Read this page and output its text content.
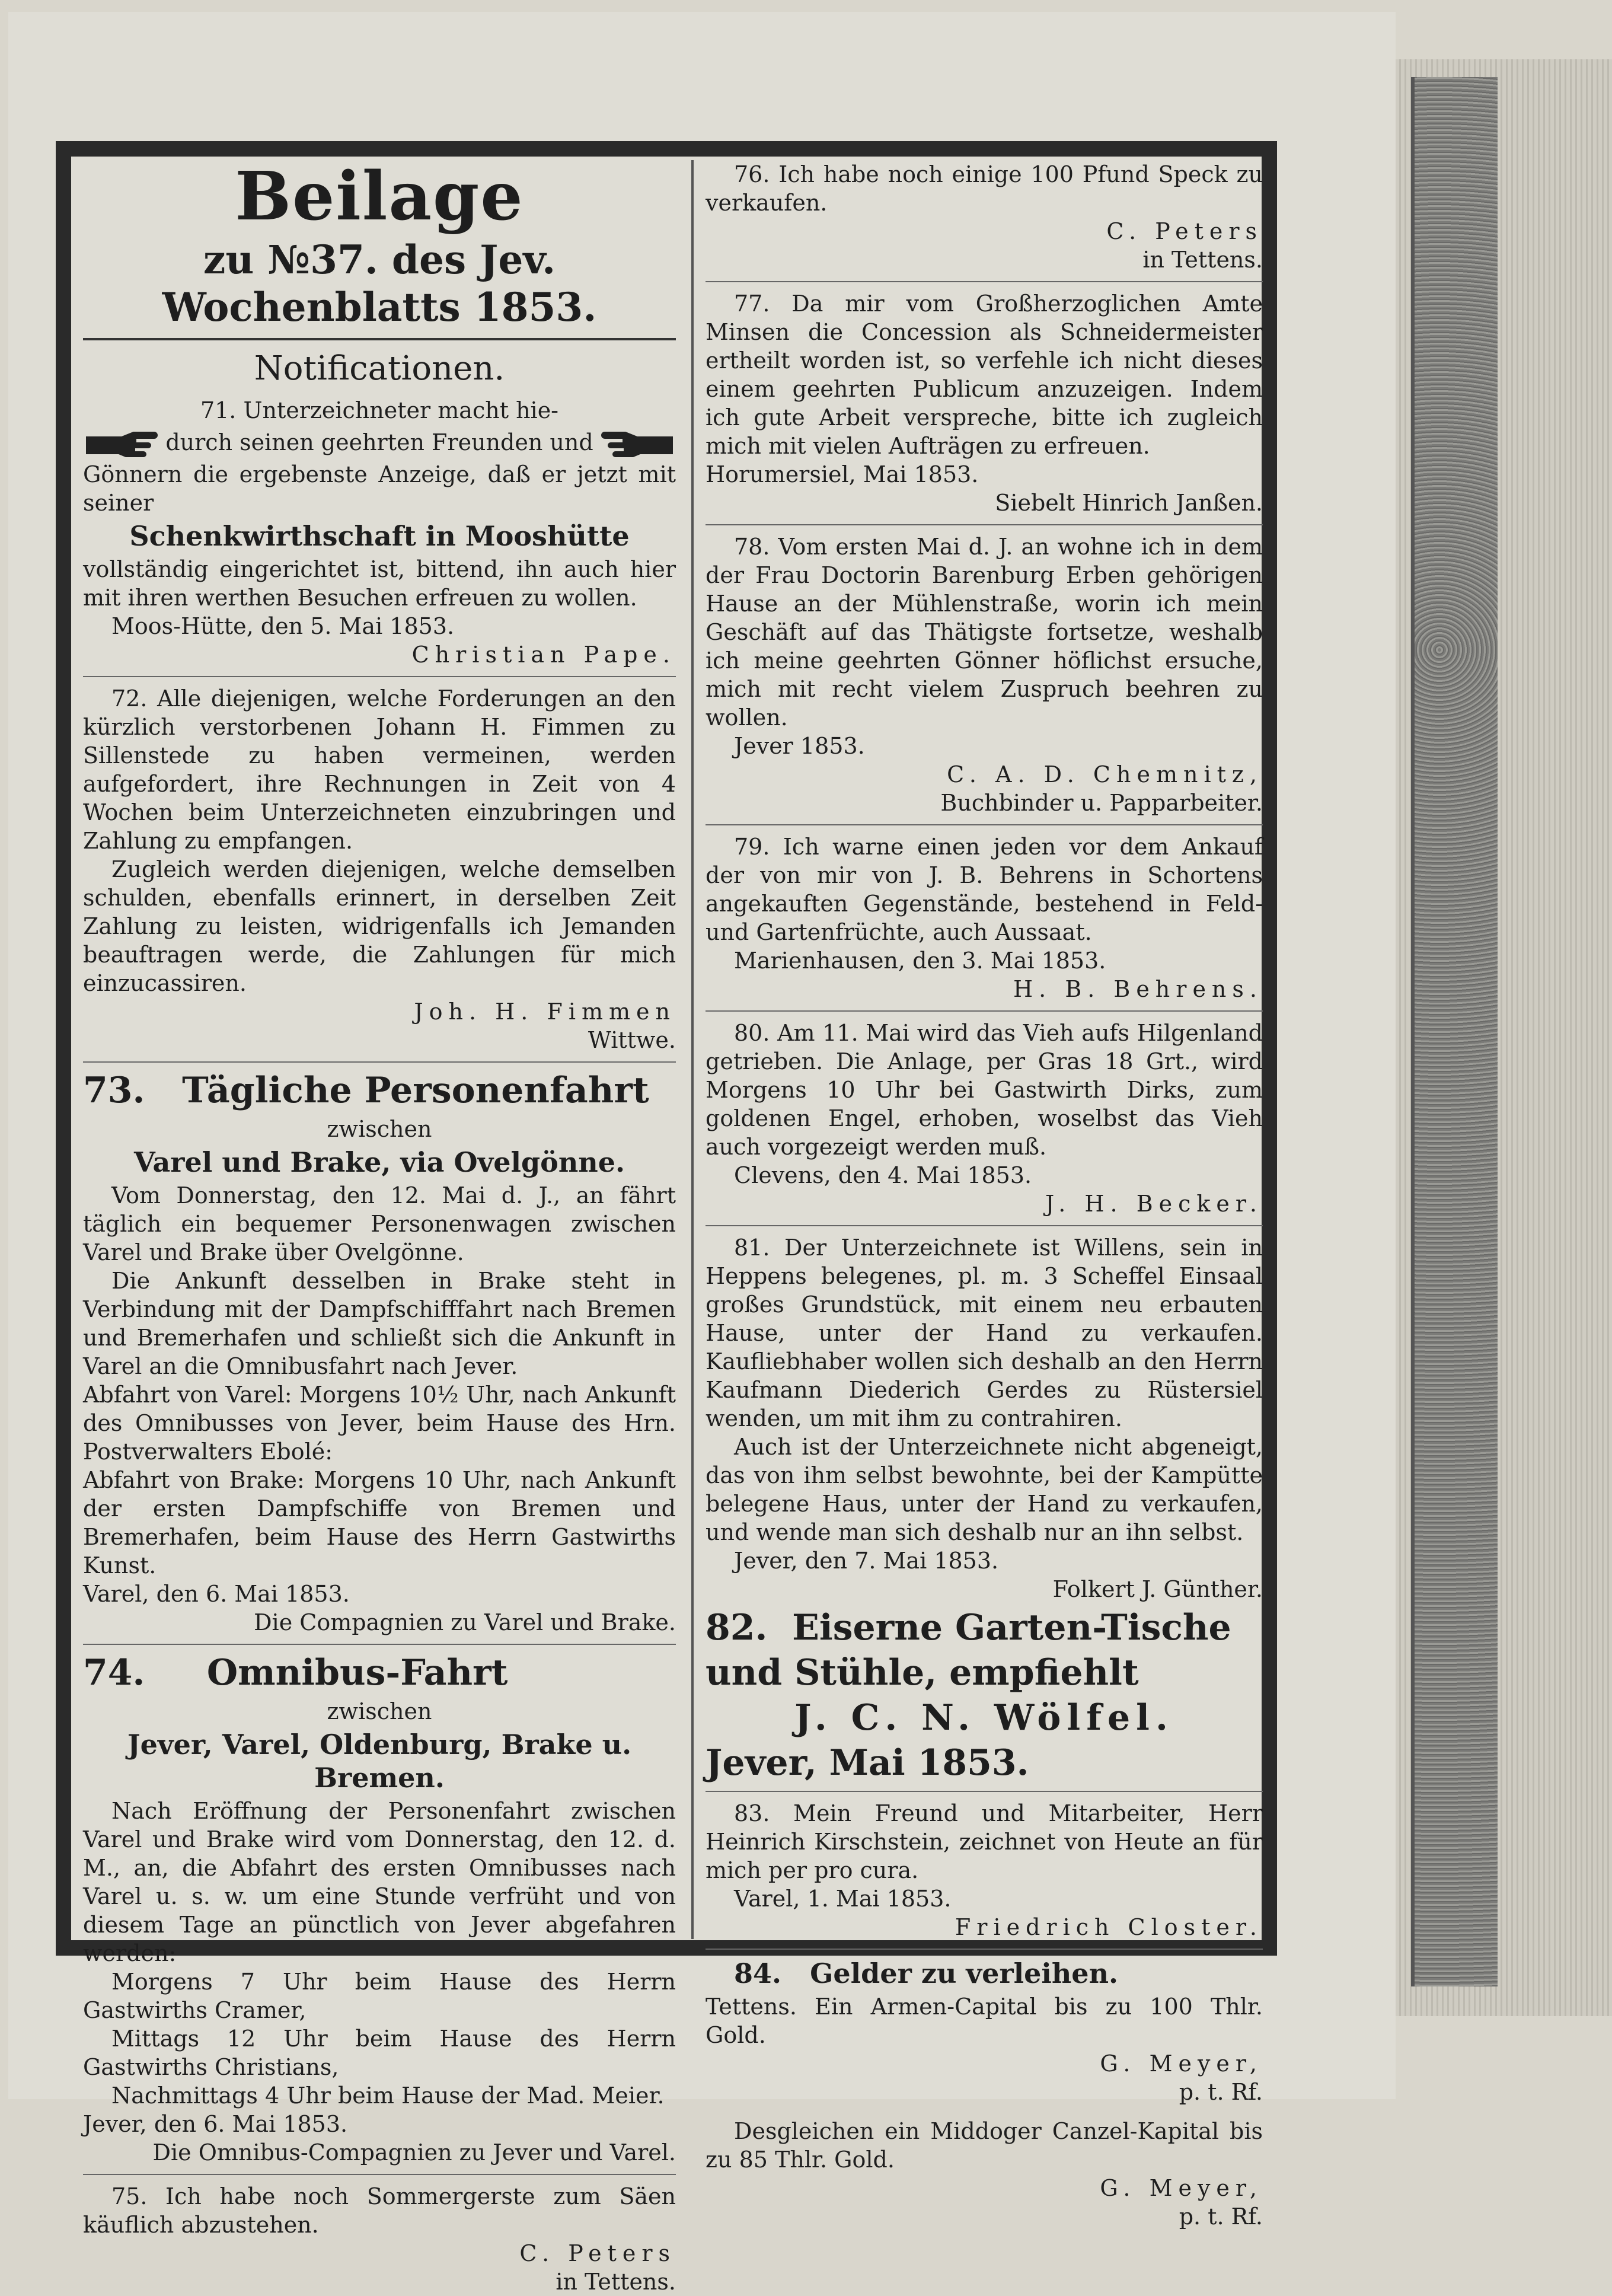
Beilage

zu №37. des Jev. Wochenblatts 1853.

Notificationen.

71. Unterzeichneter macht hie-

durch seinen geehrten Freunden und

Gönnern die ergebenste Anzeige, daß er jetzt mit seiner

Schenkwirthschaft in Mooshütte

vollständig eingerichtet ist, bittend, ihn auch hier mit ihren werthen Besuchen erfreuen zu wollen.

Moos-Hütte, den 5. Mai 1853.

Christian Pape.

72. Alle diejenigen, welche Forderungen an den kürzlich verstorbenen Johann H. Fimmen zu Sillenstede zu haben vermeinen, werden aufgefordert, ihre Rechnungen in Zeit von 4 Wochen beim Unterzeichneten einzubringen und Zahlung zu empfangen.

Zugleich werden diejenigen, welche demselben schulden, ebenfalls erinnert, in derselben Zeit Zahlung zu leisten, widrigenfalls ich Jemanden beauftragen werde, die Zahlungen für mich einzucassiren.

Joh. H. Fimmen

Wittwe.

73. Tägliche Personenfahrt

zwischen

Varel und Brake, via Ovelgönne.

Vom Donnerstag, den 12. Mai d. J., an fährt täglich ein bequemer Personenwagen zwischen Varel und Brake über Ovelgönne.

Die Ankunft desselben in Brake steht in Verbindung mit der Dampfschifffahrt nach Bremen und Bremerhafen und schließt sich die Ankunft in Varel an die Omnibusfahrt nach Jever.

Abfahrt von Varel: Morgens 10½ Uhr, nach Ankunft des Omnibusses von Jever, beim Hause des Hrn. Postverwalters Ebolé:

Abfahrt von Brake: Morgens 10 Uhr, nach Ankunft der ersten Dampfschiffe von Bremen und Bremerhafen, beim Hause des Herrn Gastwirths Kunst.

Varel, den 6. Mai 1853.

Die Compagnien zu Varel und Brake.

74. Omnibus-Fahrt

zwischen

Jever, Varel, Oldenburg, Brake u. Bremen.

Nach Eröffnung der Personenfahrt zwischen Varel und Brake wird vom Donnerstag, den 12. d. M., an, die Abfahrt des ersten Omnibusses nach Varel u. s. w. um eine Stunde verfrüht und von diesem Tage an pünctlich von Jever abgefahren werden:

Morgens 7 Uhr beim Hause des Herrn Gastwirths Cramer,

Mittags 12 Uhr beim Hause des Herrn Gastwirths Christians,

Nachmittags 4 Uhr beim Hause der Mad. Meier.

Jever, den 6. Mai 1853.

Die Omnibus-Compagnien zu Jever und Varel.

75. Ich habe noch Sommergerste zum Säen käuflich abzustehen.

C. Peters

in Tettens.

76. Ich habe noch einige 100 Pfund Speck zu verkaufen.

C. Peters

in Tettens.

77. Da mir vom Großherzoglichen Amte Minsen die Concession als Schneidermeister ertheilt worden ist, so verfehle ich nicht dieses einem geehrten Publicum anzuzeigen. Indem ich gute Arbeit verspreche, bitte ich zugleich mich mit vielen Aufträgen zu erfreuen.

Horumersiel, Mai 1853.

Siebelt Hinrich Janßen.

78. Vom ersten Mai d. J. an wohne ich in dem der Frau Doctorin Barenburg Erben gehörigen Hause an der Mühlenstraße, worin ich mein Geschäft auf das Thätigste fortsetze, weshalb ich meine geehrten Gönner höflichst ersuche, mich mit recht vielem Zuspruch beehren zu wollen.

Jever 1853.

C. A. D. Chemnitz,

Buchbinder u. Papparbeiter.

79. Ich warne einen jeden vor dem Ankauf der von mir von J. B. Behrens in Schortens angekauften Gegenstände, bestehend in Feld- und Gartenfrüchte, auch Aussaat.

Marienhausen, den 3. Mai 1853.

H. B. Behrens.

80. Am 11. Mai wird das Vieh aufs Hilgenland getrieben. Die Anlage, per Gras 18 Grt., wird Morgens 10 Uhr bei Gastwirth Dirks, zum goldenen Engel, erhoben, woselbst das Vieh auch vorgezeigt werden muß.

Clevens, den 4. Mai 1853.

J. H. Becker.

81. Der Unterzeichnete ist Willens, sein in Heppens belegenes, pl. m. 3 Scheffel Einsaal großes Grundstück, mit einem neu erbauten Hause, unter der Hand zu verkaufen. Kaufliebhaber wollen sich deshalb an den Herrn Kaufmann Diederich Gerdes zu Rüstersiel wenden, um mit ihm zu contrahiren.

Auch ist der Unterzeichnete nicht abgeneigt, das von ihm selbst bewohnte, bei der Kampütte belegene Haus, unter der Hand zu verkaufen, und wende man sich deshalb nur an ihn selbst.

Jever, den 7. Mai 1853.

Folkert J. Günther.

82. Eiserne Garten-Tische

und Stühle, empfiehlt

J. C. N. Wölfel.

Jever, Mai 1853.

83. Mein Freund und Mitarbeiter, Herr Heinrich Kirschstein, zeichnet von Heute an für mich per pro cura.

Varel, 1. Mai 1853.

Friedrich Closter.

84. Gelder zu verleihen.

Tettens. Ein Armen-Capital bis zu 100 Thlr. Gold.

G. Meyer,

p. t. Rf.

Desgleichen ein Middoger Canzel-Kapital bis zu 85 Thlr. Gold.

G. Meyer,

p. t. Rf.
